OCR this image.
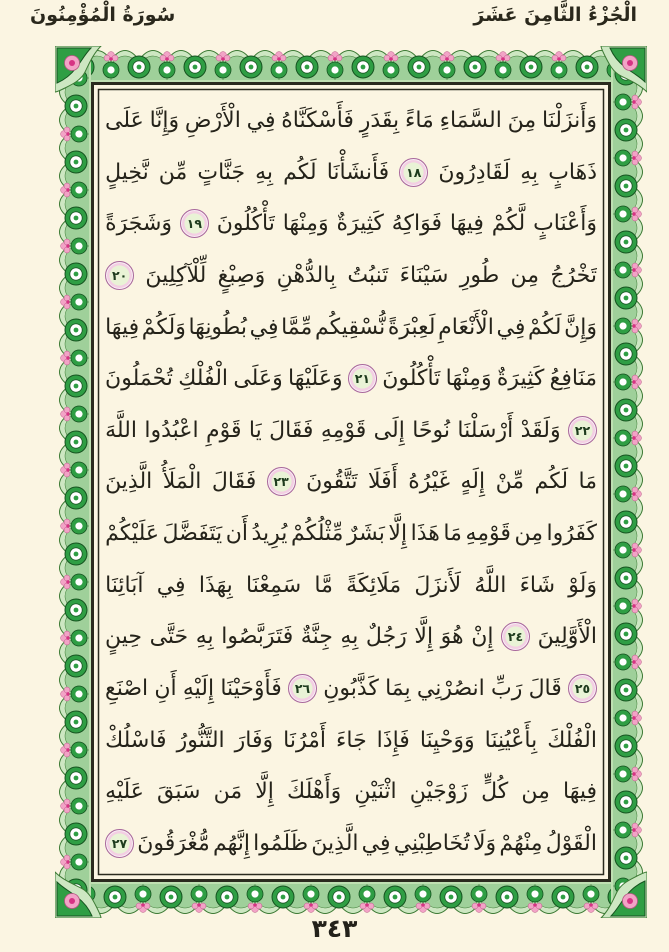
الْجُزْءُ الثَّامِنَ عَشَرَ
سُورَةُ الْمُؤْمِنُونَ
وَأَنزَلْنَا
مِنَ
السَّمَاءِ
مَاءً
بِقَدَرٍ
فَأَسْكَنَّاهُ
فِي
الْأَرْضِ
وَإِنَّا
عَلَى
ذَهَابٍ
بِهِ
لَقَادِرُونَ
١٨
فَأَنشَأْنَا
لَكُم
بِهِ
جَنَّاتٍ
مِّن
نَّخِيلٍ
وَأَعْنَابٍ
لَّكُمْ
فِيهَا
فَوَاكِهُ
كَثِيرَةٌ
وَمِنْهَا
تَأْكُلُونَ
١٩
وَشَجَرَةً
تَخْرُجُ
مِن
طُورِ
سَيْنَاءَ
تَنبُتُ
بِالدُّهْنِ
وَصِبْغٍ
لِّلْآكِلِينَ
٢٠
وَإِنَّ
لَكُمْ
فِي
الْأَنْعَامِ
لَعِبْرَةً
نُّسْقِيكُم
مِّمَّا
فِي
بُطُونِهَا
وَلَكُمْ
فِيهَا
مَنَافِعُ
كَثِيرَةٌ
وَمِنْهَا
تَأْكُلُونَ
٢١
وَعَلَيْهَا
وَعَلَى
الْفُلْكِ
تُحْمَلُونَ
٢٢
وَلَقَدْ
أَرْسَلْنَا
نُوحًا
إِلَى
قَوْمِهِ
فَقَالَ
يَا
قَوْمِ
اعْبُدُوا
اللَّهَ
مَا
لَكُم
مِّنْ
إِلَهٍ
غَيْرُهُ
أَفَلَا
تَتَّقُونَ
٢٣
فَقَالَ
الْمَلَأُ
الَّذِينَ
كَفَرُوا
مِن
قَوْمِهِ
مَا
هَذَا
إِلَّا
بَشَرٌ
مِّثْلُكُمْ
يُرِيدُ
أَن
يَتَفَضَّلَ
عَلَيْكُمْ
وَلَوْ
شَاءَ
اللَّهُ
لَأَنزَلَ
مَلَائِكَةً
مَّا
سَمِعْنَا
بِهَذَا
فِي
آبَائِنَا
الْأَوَّلِينَ
٢٤
إِنْ
هُوَ
إِلَّا
رَجُلٌ
بِهِ
جِنَّةٌ
فَتَرَبَّصُوا
بِهِ
حَتَّى
حِينٍ
٢٥
قَالَ
رَبِّ
انصُرْنِي
بِمَا
كَذَّبُونِ
٢٦
فَأَوْحَيْنَا
إِلَيْهِ
أَنِ
اصْنَعِ
الْفُلْكَ
بِأَعْيُنِنَا
وَوَحْيِنَا
فَإِذَا
جَاءَ
أَمْرُنَا
وَفَارَ
التَّنُّورُ
فَاسْلُكْ
فِيهَا
مِن
كُلٍّ
زَوْجَيْنِ
اثْنَيْنِ
وَأَهْلَكَ
إِلَّا
مَن
سَبَقَ
عَلَيْهِ
الْقَوْلُ
مِنْهُمْ
وَلَا
تُخَاطِبْنِي
فِي
الَّذِينَ
ظَلَمُوا
إِنَّهُم
مُّغْرَقُونَ
٢٧
٣٤٣
